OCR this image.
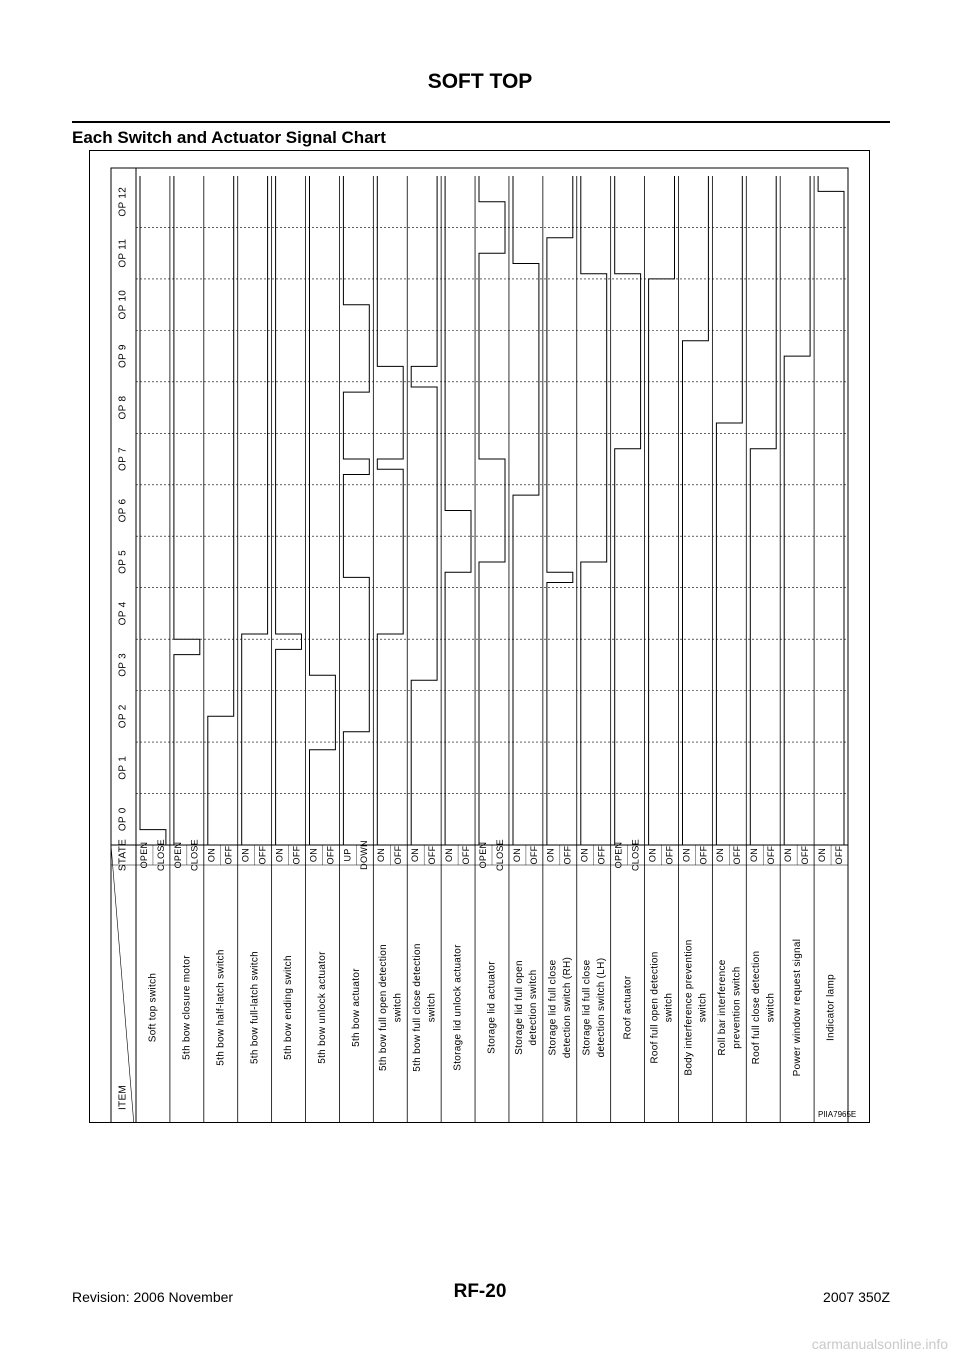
SOFT TOP
Each Switch and Actuator Signal Chart
OP 0
OP 1
OP 2
OP 3
OP 4
OP 5
OP 6
OP 7
OP 8
OP 9
OP 10
OP 11
OP 12
STATE
ITEM
OPEN CLOSE
Soft top switch
OPEN CLOSE
5th bow closure motor
ON OFF
5th bow half-latch switch
ON OFF
5th bow full-latch switch
ON OFF
5th bow ending switch
ON OFF
5th bow unlock actuator
UP DOWN
5th bow actuator
ON OFF
5th bow full open detection switch
ON OFF
5th bow full close detection switch
ON OFF
Storage lid unlock actuator
OPEN CLOSE
Storage lid actuator
ON OFF
Storage lid full open detection switch
ON OFF
Storage lid full close detection switch (RH)
ON OFF
Storage lid full close detection switch (LH)
OPEN CLOSE
Roof actuator
ON OFF
Roof full open detection switch
ON OFF
Body interference prevention switch
ON OFF
Roll bar interference prevention switch
ON OFF
Roof full close detection switch
ON OFF
Power window request signal
ON OFF
Indicator lamp
PIIA7965E
Revision: 2006 November	RF-20	2007 350Z
carmanualsonline.info
